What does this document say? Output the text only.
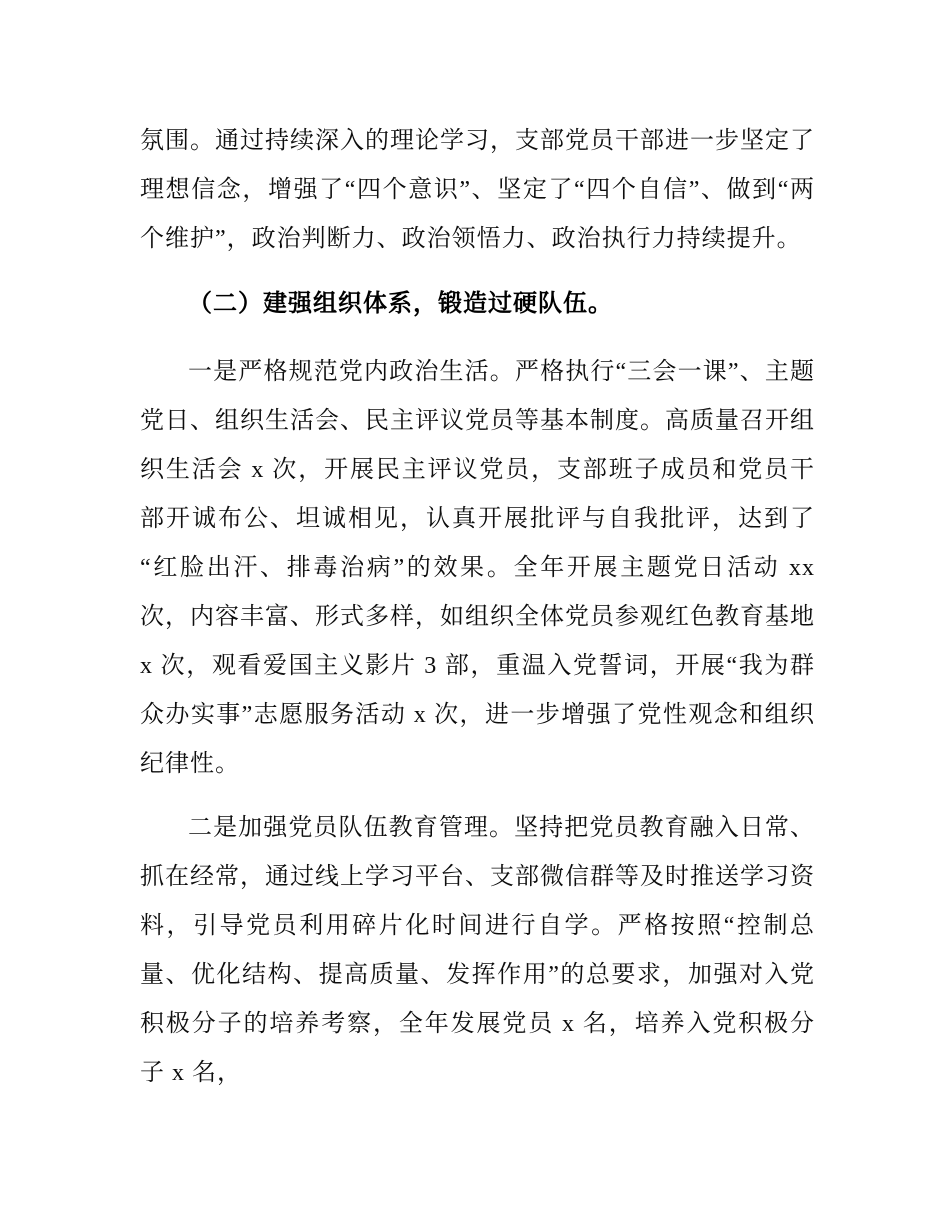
氛围。通过持续深入的理论学习，支部党员干部进一步坚定了理想信念，增强了“四个意识”、坚定了“四个自信”、做到“两个维护”，政治判断力、政治领悟力、政治执行力持续提升。

（二）建强组织体系，锻造过硬队伍。

一是严格规范党内政治生活。严格执行“三会一课”、主题党日、组织生活会、民主评议党员等基本制度。高质量召开组织生活会 x 次，开展民主评议党员，支部班子成员和党员干部开诚布公、坦诚相见，认真开展批评与自我批评，达到了“红脸出汗、排毒治病”的效果。全年开展主题党日活动 xx 次，内容丰富、形式多样，如组织全体党员参观红色教育基地 x 次，观看爱国主义影片 3 部，重温入党誓词，开展“我为群众办实事”志愿服务活动 x 次，进一步增强了党性观念和组织纪律性。

二是加强党员队伍教育管理。坚持把党员教育融入日常、抓在经常，通过线上学习平台、支部微信群等及时推送学习资料，引导党员利用碎片化时间进行自学。严格按照“控制总量、优化结构、提高质量、发挥作用”的总要求，加强对入党积极分子的培养考察，全年发展党员 x 名，培养入党积极分子 x 名，
